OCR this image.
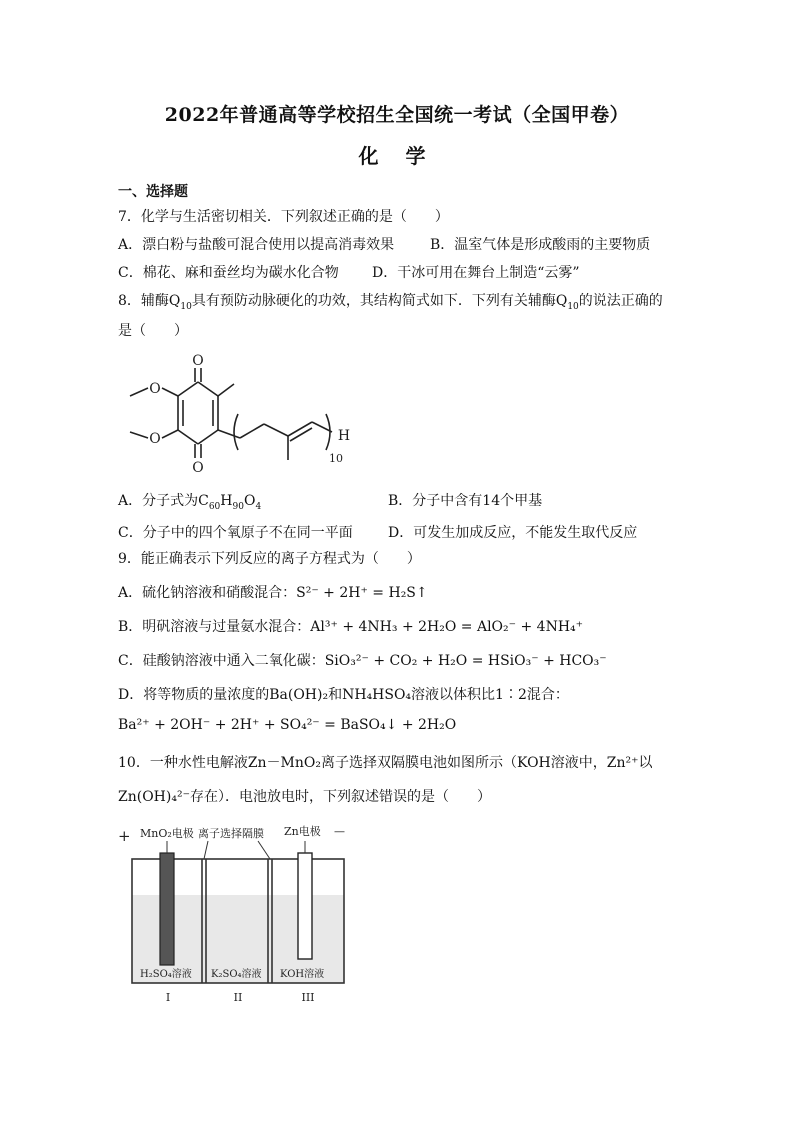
2022年普通高等学校招生全国统一考试（全国甲卷）
化 学
一、选择题
7．化学与生活密切相关．下列叙述正确的是（　　）
A．漂白粉与盐酸可混合使用以提高消毒效果	B．温室气体是形成酸雨的主要物质
C．棉花、麻和蚕丝均为碳水化合物 D．干冰可用在舞台上制造“云雾”
8．辅酶$Q_{10}$具有预防动脉硬化的功效，其结构简式如下．下列有关辅酶$Q_{10}$的说法正确的
是（　　）
O
O
O
O	H
10
A．分子式为$C_{60}H_{90}O_4$	B．分子中含有14个甲基
C．分子中的四个氧原子不在同一平面	D．可发生加成反应，不能发生取代反应
9．能正确表示下列反应的离子方程式为（　　）
A．硫化钠溶液和硝酸混合：S²⁻ + 2H⁺ = H₂S↑
B．明矾溶液与过量氨水混合：Al³⁺ + 4NH₃ + 2H₂O = AlO₂⁻ + 4NH₄⁺
C．硅酸钠溶液中通入二氧化碳：SiO₃²⁻ + CO₂ + H₂O = HSiO₃⁻ + HCO₃⁻
D．将等物质的量浓度的Ba(OH)₂和NH₄HSO₄溶液以体积比1∶2混合：
Ba²⁺ + 2OH⁻ + 2H⁺ + SO₄²⁻ = BaSO₄↓ + 2H₂O
10．一种水性电解液Zn－MnO₂离子选择双隔膜电池如图所示（KOH溶液中，Zn²⁺以
Zn(OH)₄²⁻存在）．电池放电时，下列叙述错误的是（　　）
+ MnO₂电极 离子选择隔膜 Zn电极 —
H₂SO₄溶液 K₂SO₄溶液 KOH溶液
I	II	III
